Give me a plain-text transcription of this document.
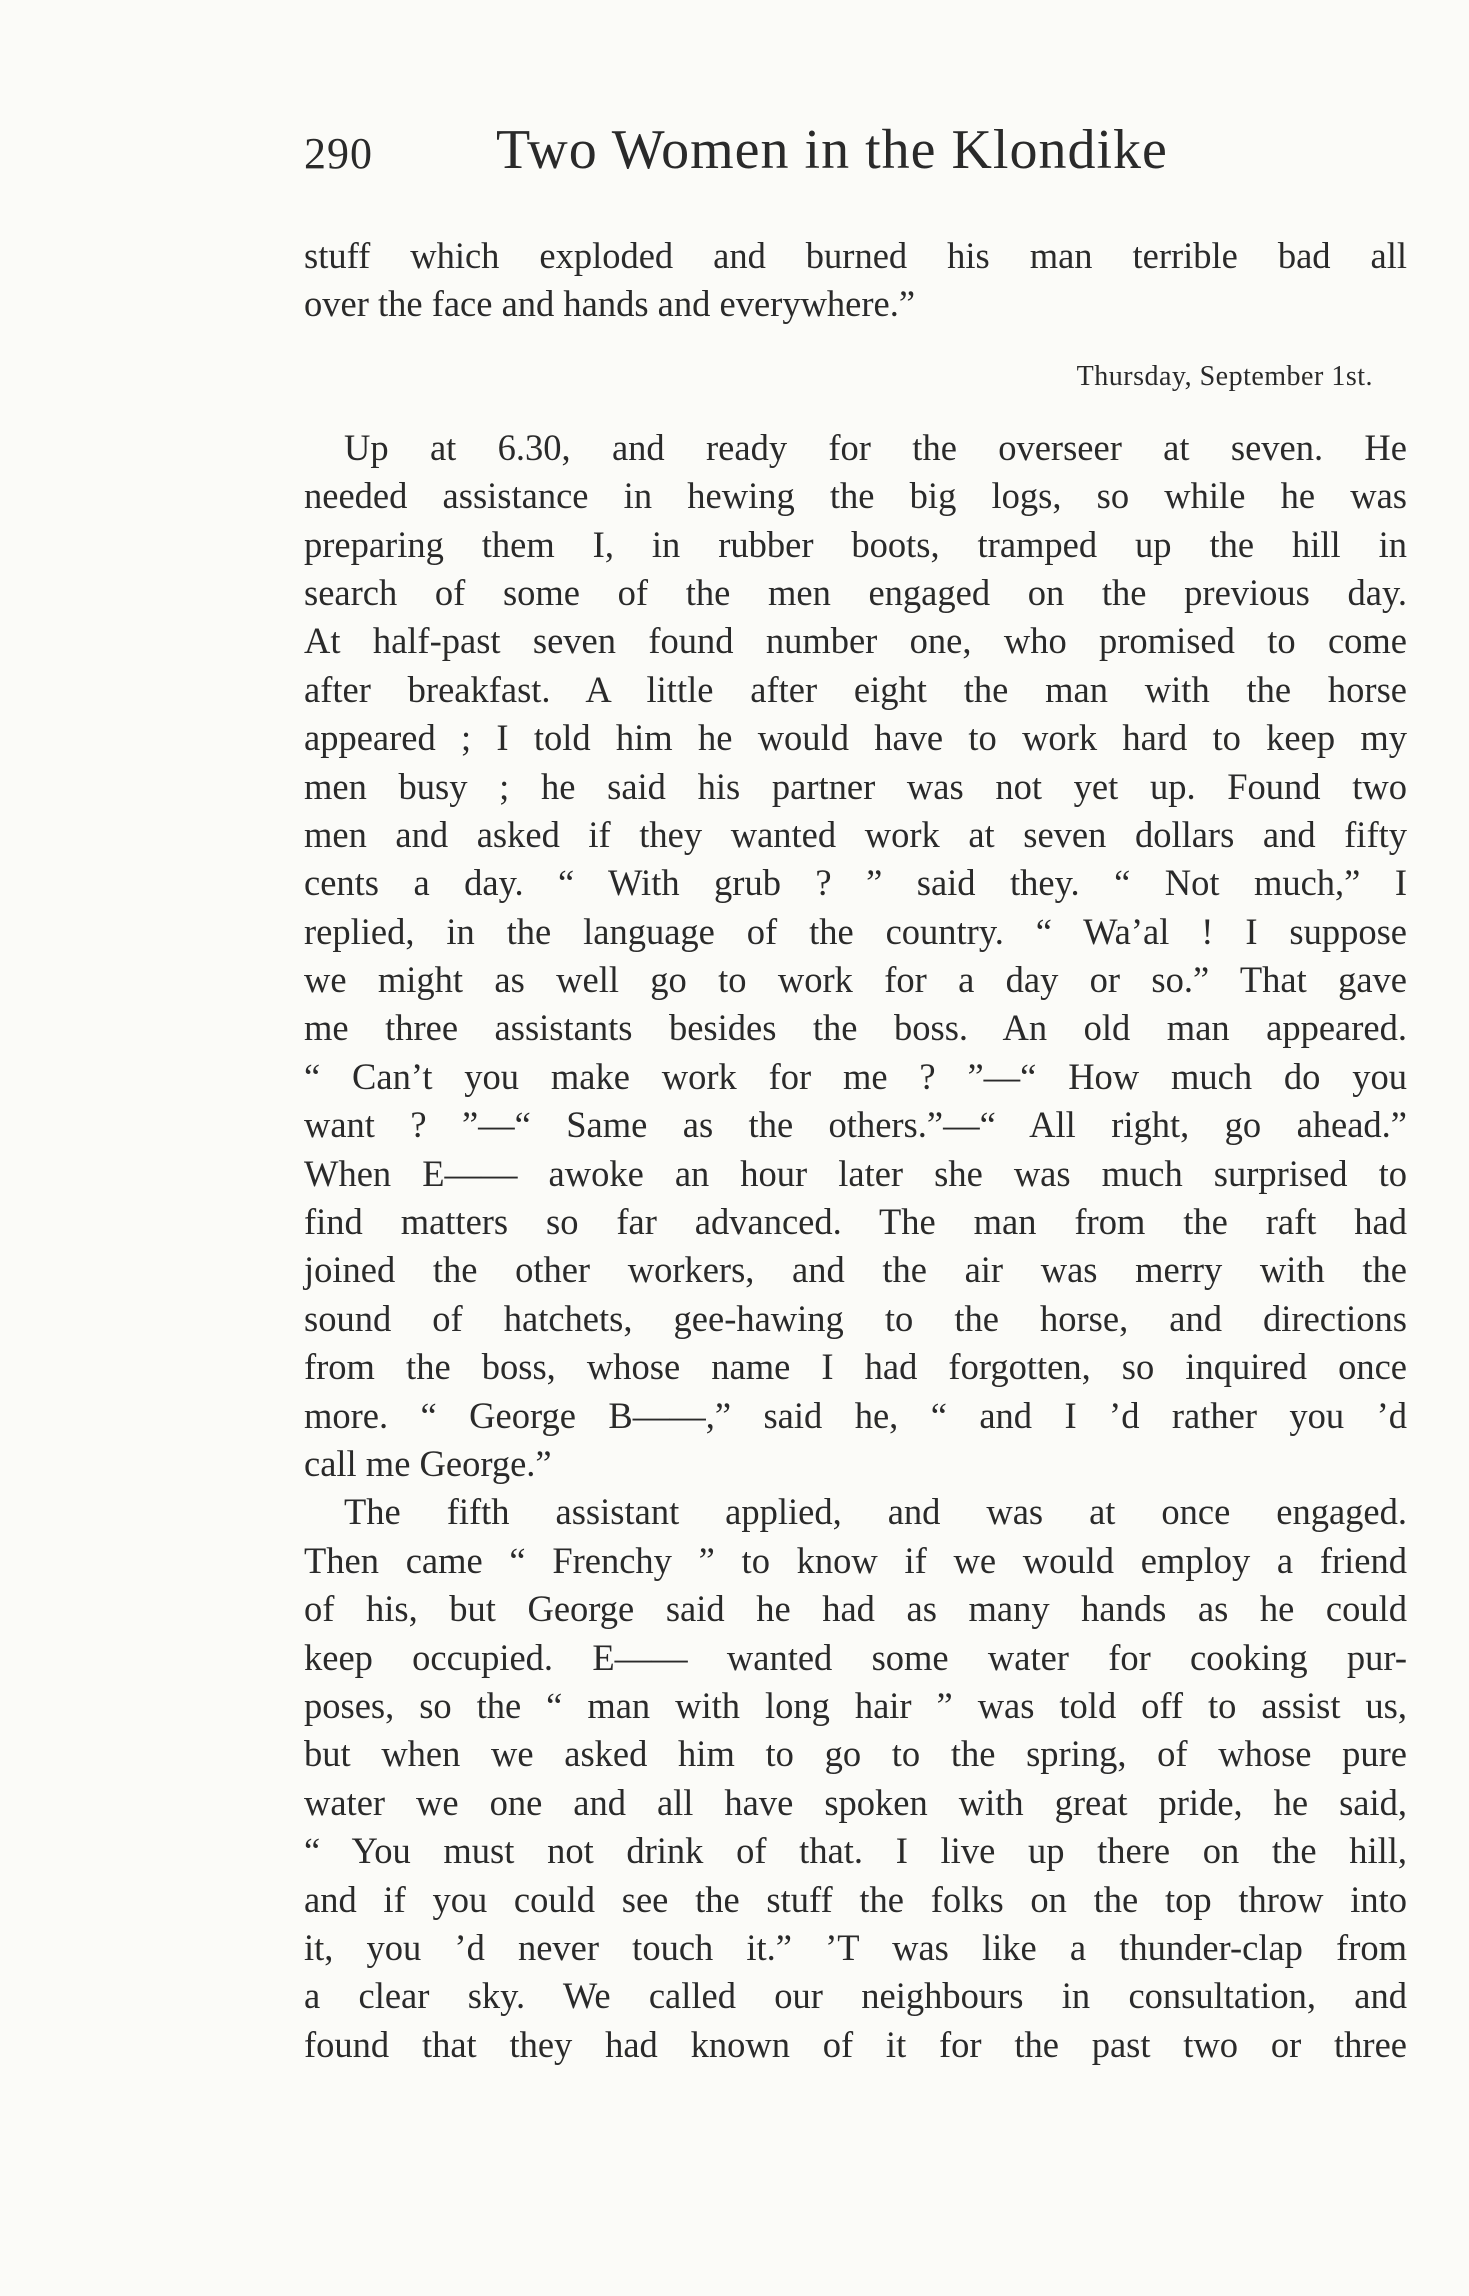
290 Two Women in the Klondike
stuff which exploded and burned his man terrible bad all
over the face and hands and everywhere.”
Thursday, September 1st.
Up at 6.30, and ready for the overseer at seven. He
needed assistance in hewing the big logs, so while he was
preparing them I, in rubber boots, tramped up the hill in
search of some of the men engaged on the previous day.
At half-past seven found number one, who promised to come
after breakfast. A little after eight the man with the horse
appeared ; I told him he would have to work hard to keep my
men busy ; he said his partner was not yet up. Found two
men and asked if they wanted work at seven dollars and fifty
cents a day. “ With grub ? ” said they. “ Not much,” I
replied, in the language of the country. “ Wa’al ! I suppose
we might as well go to work for a day or so.” That gave
me three assistants besides the boss. An old man appeared.
“ Can’t you make work for me ? ”—“ How much do you
want ? ”—“ Same as the others.”—“ All right, go ahead.”
When E—— awoke an hour later she was much surprised to
find matters so far advanced. The man from the raft had
joined the other workers, and the air was merry with the
sound of hatchets, gee-hawing to the horse, and directions
from the boss, whose name I had forgotten, so inquired once
more. “ George B——,” said he, “ and I ’d rather you ’d
call me George.”
The fifth assistant applied, and was at once engaged.
Then came “ Frenchy ” to know if we would employ a friend
of his, but George said he had as many hands as he could
keep occupied. E—— wanted some water for cooking pur-
poses, so the “ man with long hair ” was told off to assist us,
but when we asked him to go to the spring, of whose pure
water we one and all have spoken with great pride, he said,
“ You must not drink of that. I live up there on the hill,
and if you could see the stuff the folks on the top throw into
it, you ’d never touch it.” ’T was like a thunder-clap from
a clear sky. We called our neighbours in consultation, and
found that they had known of it for the past two or three
